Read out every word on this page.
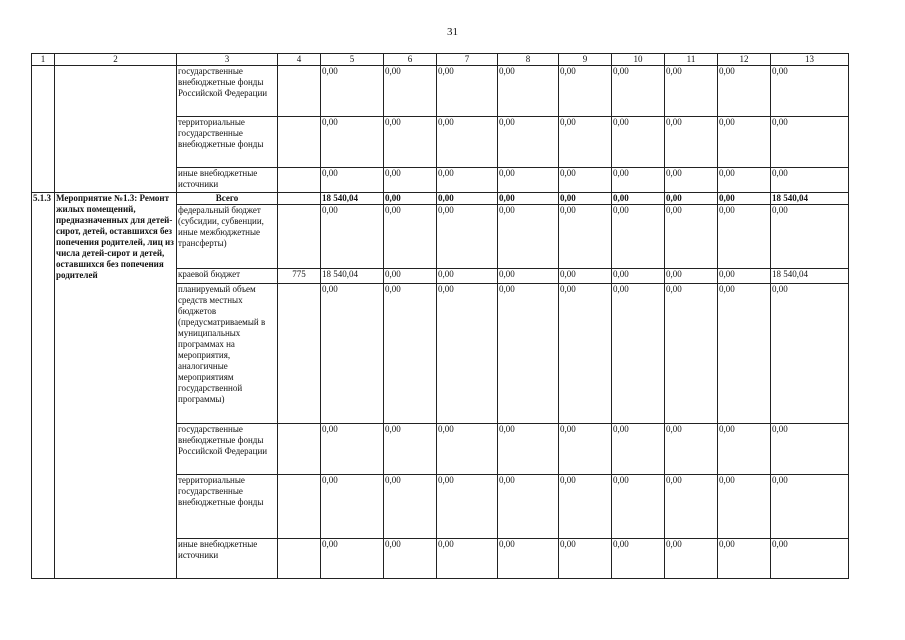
31
1	2	3	4	5	6	7	8	9	10	11	12	13
		государственные внебюджетные фонды Российской Федерации		0,00	0,00	0,00	0,00	0,00	0,00	0,00	0,00	0,00
		территориальные государственные внебюджетные фонды		0,00	0,00	0,00	0,00	0,00	0,00	0,00	0,00	0,00
		иные внебюджетные источники		0,00	0,00	0,00	0,00	0,00	0,00	0,00	0,00	0,00
5.1.3	Мероприятие №1.3: Ремонт жилых помещений, предназначенных для детей-сирот, детей, оставшихся без попечения родителей, лиц из числа детей-сирот и детей, оставшихся без попечения родителей	Всего		18 540,04	0,00	0,00	0,00	0,00	0,00	0,00	0,00	18 540,04
		федеральный бюджет (субсидии, субвенции, иные межбюджетные трансферты)		0,00	0,00	0,00	0,00	0,00	0,00	0,00	0,00	0,00
		краевой бюджет	775	18 540,04	0,00	0,00	0,00	0,00	0,00	0,00	0,00	18 540,04
		планируемый объем средств местных бюджетов (предусматриваемый в муниципальных программах на мероприятия, аналогичные мероприятиям государственной программы)		0,00	0,00	0,00	0,00	0,00	0,00	0,00	0,00	0,00
		государственные внебюджетные фонды Российской Федерации		0,00	0,00	0,00	0,00	0,00	0,00	0,00	0,00	0,00
		территориальные государственные внебюджетные фонды		0,00	0,00	0,00	0,00	0,00	0,00	0,00	0,00	0,00
		иные внебюджетные источники		0,00	0,00	0,00	0,00	0,00	0,00	0,00	0,00	0,00
